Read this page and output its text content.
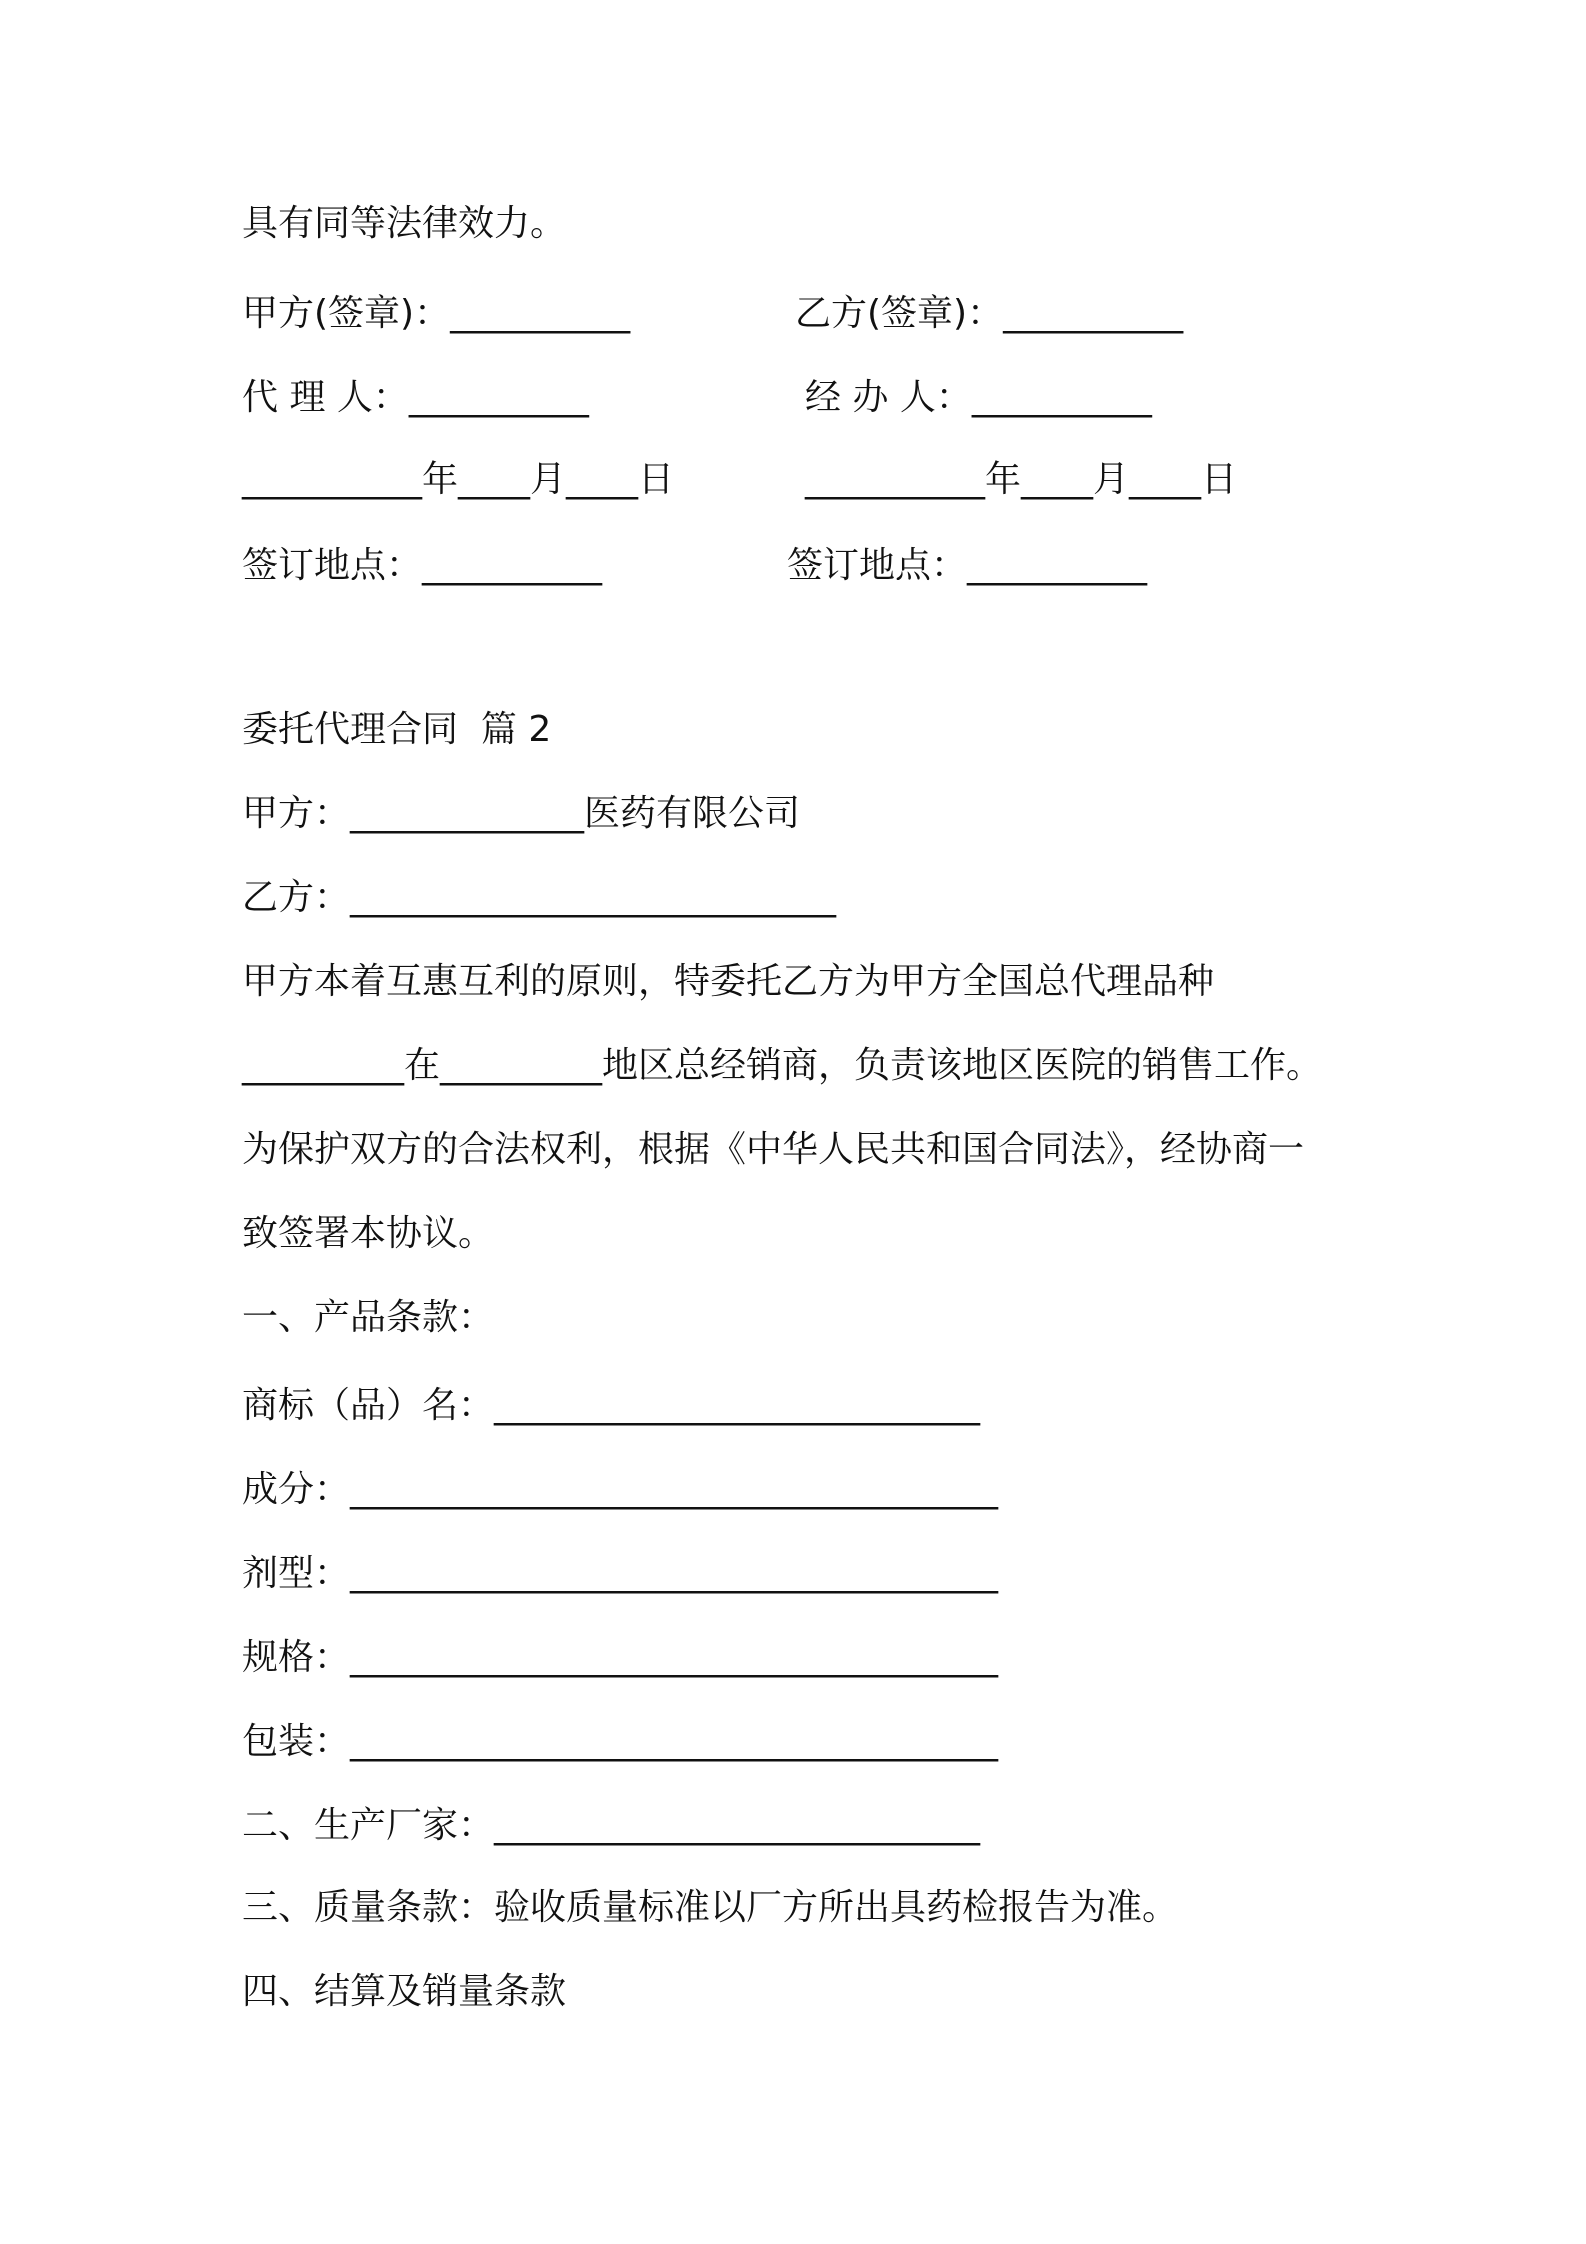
具有同等法律效力。
甲方(签章)：__________	乙方(签章)：__________
代 理 人：__________	经 办 人：__________
__________年____月____日	__________年____月____日
签订地点：__________	签订地点：__________
委托代理合同  篇 2
甲方：_____________医药有限公司
乙方：___________________________
甲方本着互惠互利的原则，特委托乙方为甲方全国总代理品种
_________在_________地区总经销商，负责该地区医院的销售工作。
为保护双方的合法权利，根据《中华人民共和国合同法》，经协商一
致签署本协议。
一、产品条款：
商标（品）名：___________________________
成分：____________________________________
剂型：____________________________________
规格：____________________________________
包装：____________________________________
二、生产厂家：___________________________
三、质量条款：验收质量标准以厂方所出具药检报告为准。
四、结算及销量条款
